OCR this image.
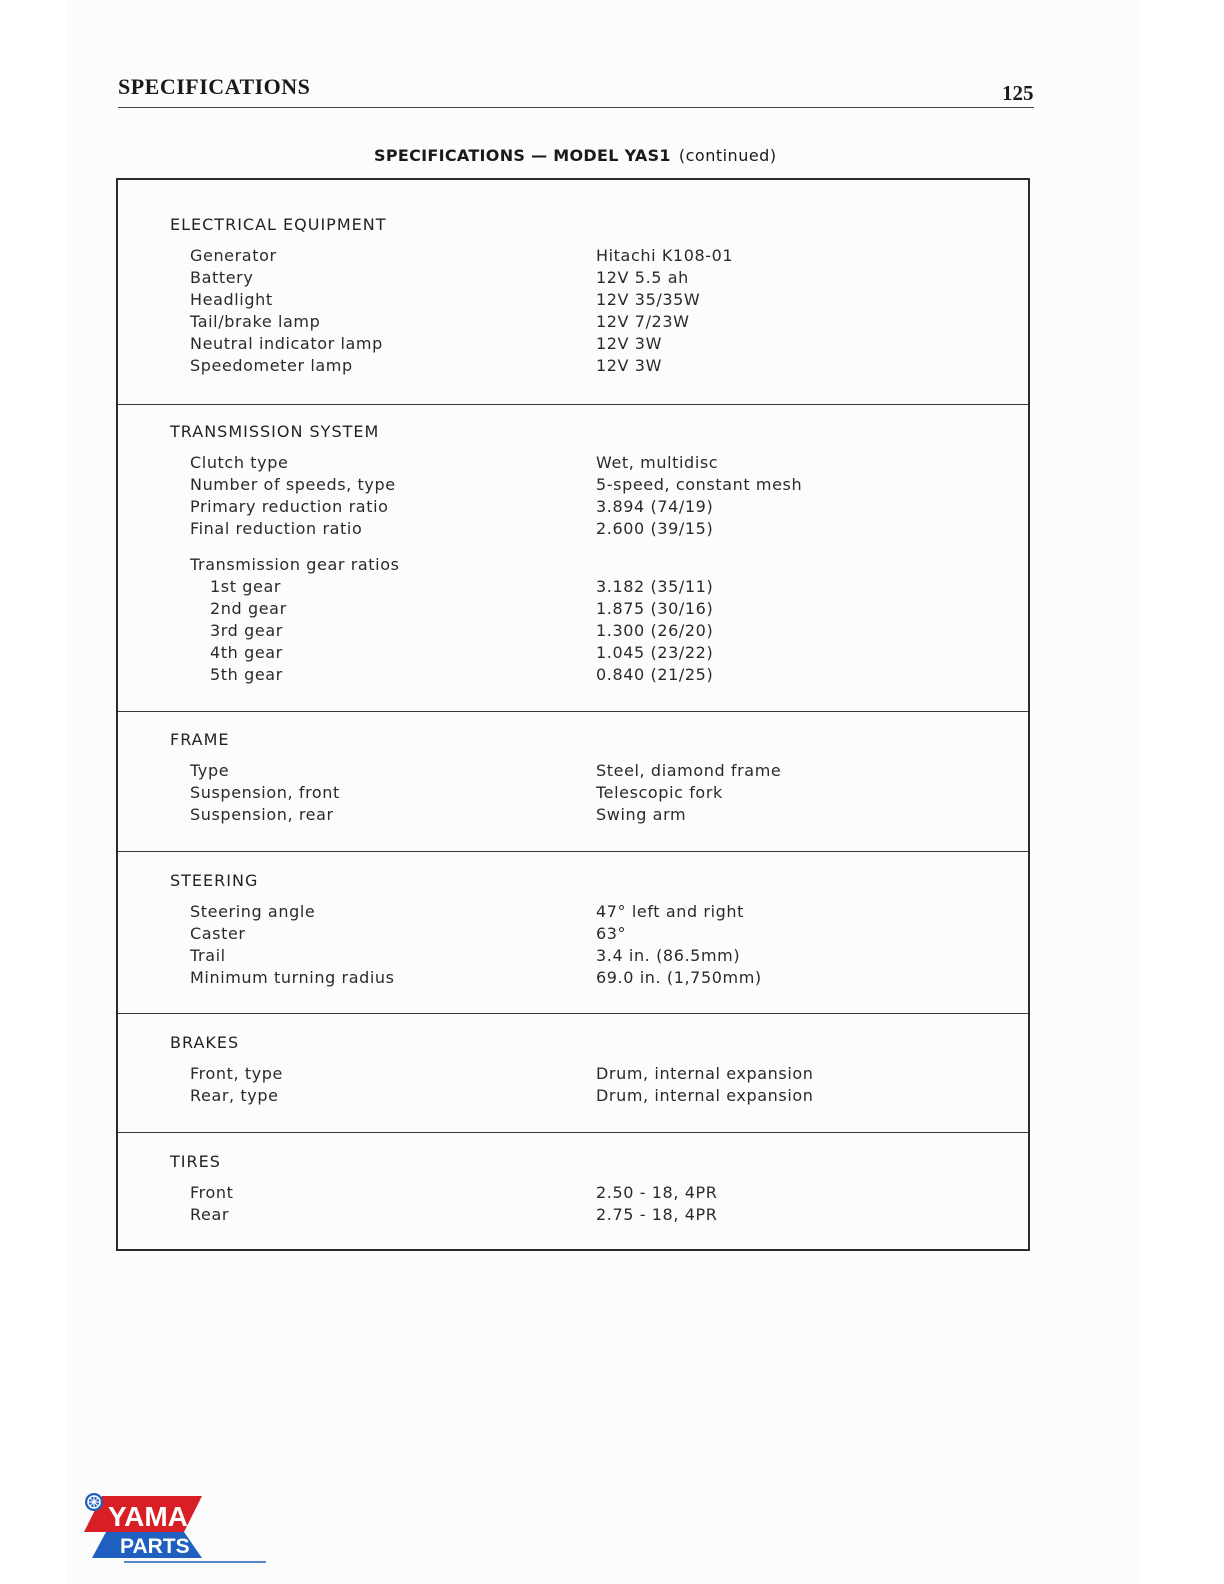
SPECIFICATIONS	125
SPECIFICATIONS — MODEL YAS1 (continued)
ELECTRICAL EQUIPMENT
Generator	Hitachi K108-01
Battery	12V 5.5 ah
Headlight	12V 35/35W
Tail/brake lamp	12V 7/23W
Neutral indicator lamp	12V 3W
Speedometer lamp	12V 3W
TRANSMISSION SYSTEM
Clutch type	Wet, multidisc
Number of speeds, type	5-speed, constant mesh
Primary reduction ratio	3.894 (74/19)
Final reduction ratio	2.600 (39/15)
Transmission gear ratios
1st gear	3.182 (35/11)
2nd gear	1.875 (30/16)
3rd gear	1.300 (26/20)
4th gear	1.045 (23/22)
5th gear	0.840 (21/25)
FRAME
Type	Steel, diamond frame
Suspension, front	Telescopic fork
Suspension, rear	Swing arm
STEERING
Steering angle	47° left and right
Caster	63°
Trail	3.4 in. (86.5mm)
Minimum turning radius	69.0 in. (1,750mm)
BRAKES
Front, type	Drum, internal expansion
Rear, type	Drum, internal expansion
TIRES
Front	2.50 - 18, 4PR
Rear	2.75 - 18, 4PR
YAMA
PARTS
